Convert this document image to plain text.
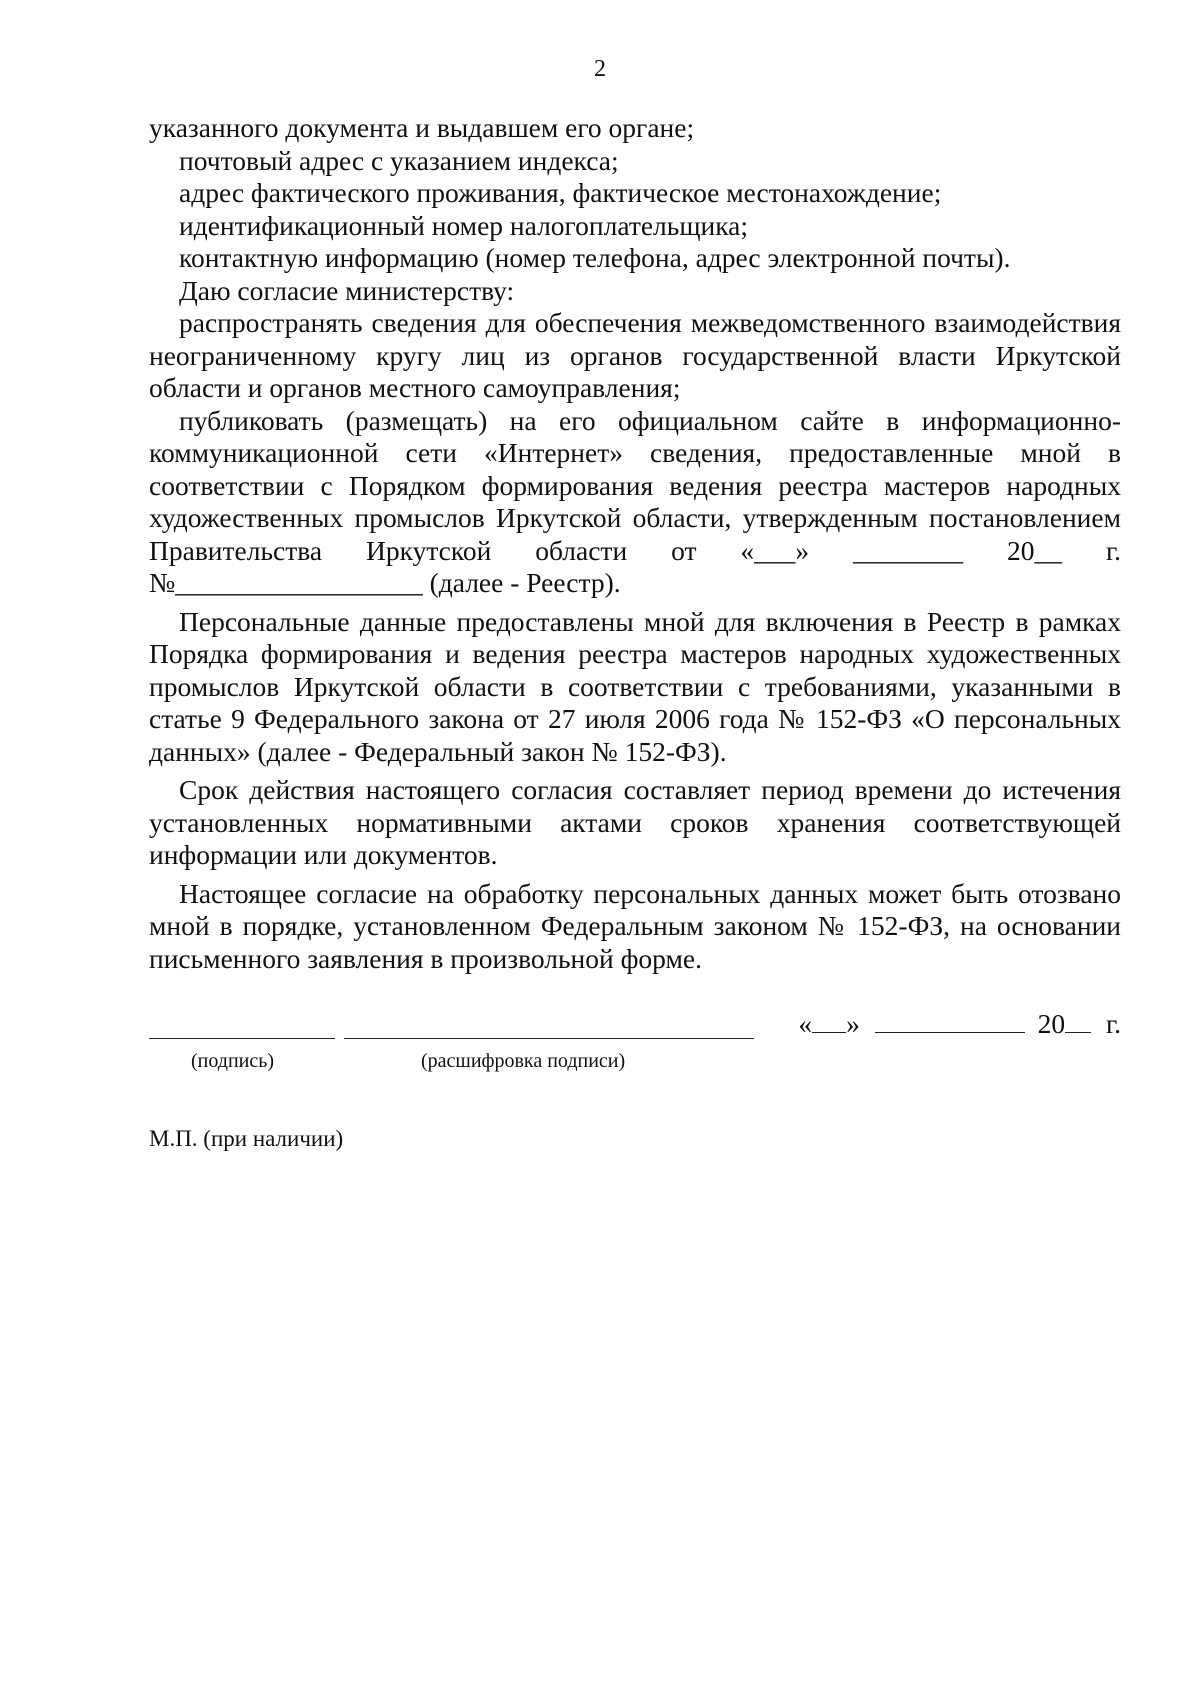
2

указанного документа и выдавшем его органе;

почтовый адрес с указанием индекса;

адрес фактического проживания, фактическое местонахождение;

идентификационный номер налогоплательщика;

контактную информацию (номер телефона, адрес электронной почты).

Даю согласие министерству:

распространять сведения для обеспечения межведомственного взаимодействия неограниченному кругу лиц из органов государственной власти Иркутской области и органов местного самоуправления;

публиковать (размещать) на его официальном сайте в информационно-коммуникационной сети «Интернет» сведения, предоставленные мной в соответствии с Порядком формирования ведения реестра мастеров народных художественных промыслов Иркутской области, утвержденным постановлением Правительства Иркутской области от «___» ________ 20__ г.

№__________________ (далее - Реестр).

Персональные данные предоставлены мной для включения в Реестр в рамках Порядка формирования и ведения реестра мастеров народных художественных промыслов Иркутской области в соответствии с требованиями, указанными в статье 9 Федерального закона от 27 июля 2006 года № 152-ФЗ «О персональных данных» (далее - Федеральный закон № 152-ФЗ).

Срок действия настоящего согласия составляет период времени до истечения установленных нормативными актами сроков хранения соответствующей информации или документов.

Настоящее согласие на обработку персональных данных может быть отозвано мной в порядке, установленном Федеральным законом № 152-ФЗ, на основании письменного заявления в произвольной форме.

« »	20 г.
(подпись)	(расшифровка подписи)
М.П. (при наличии)
